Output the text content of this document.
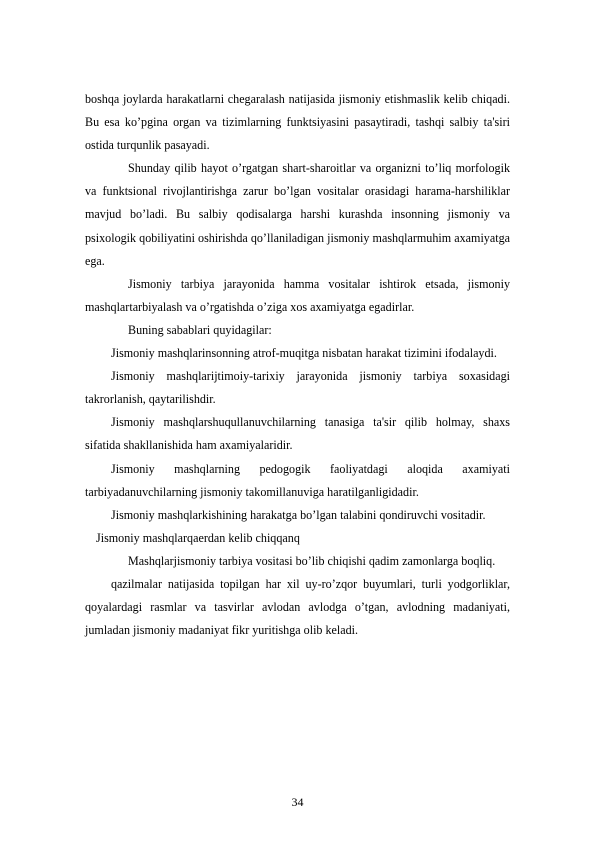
boshqa joylarda harakatlarni chegaralash natijasida jismoniy etishmaslik kelib chiqadi. Bu esa ko’pgina organ va tizimlarning funktsiyasini pasaytiradi, tashqi salbiy ta'siri ostida turqunlik pasayadi.

Shunday qilib hayot o’rgatgan shart-sharoitlar va organizni to’liq morfologik va funktsional rivojlantirishga zarur bo’lgan vositalar orasidagi harama-harshiliklar mavjud bo’ladi. Bu salbiy qodisalarga harshi kurashda insonning jismoniy va psixologik qobiliyatini oshirishda qo’llaniladigan jismoniy mashqlarmuhim axamiyatga ega.

Jismoniy tarbiya jarayonida hamma vositalar ishtirok etsada, jismoniy mashqlartarbiyalash va o’rgatishda o’ziga xos axamiyatga egadirlar.

Buning sabablari quyidagilar:

Jismoniy mashqlarinsonning atrof-muqitga nisbatan harakat tizimini ifodalaydi.

Jismoniy mashqlarijtimoiy-tarixiy jarayonida jismoniy tarbiya soxasidagi takrorlanish, qaytarilishdir.

Jismoniy mashqlarshuqullanuvchilarning tanasiga ta'sir qilib holmay, shaxs sifatida shakllanishida ham axamiyalaridir.

Jismoniy mashqlarning pedogogik faoliyatdagi aloqida axamiyati tarbiyadanuvchilarning jismoniy takomillanuviga haratilganligidadir.

Jismoniy mashqlarkishining harakatga bo’lgan talabini qondiruvchi vositadir.

Jismoniy mashqlarqaerdan kelib chiqqanq

Mashqlarjismoniy tarbiya vositasi bo’lib chiqishi qadim zamonlarga boqliq.

qazilmalar natijasida topilgan har xil uy-ro’zqor buyumlari, turli yodgorliklar, qoyalardagi rasmlar va tasvirlar avlodan avlodga o’tgan, avlodning madaniyati, jumladan jismoniy madaniyat fikr yuritishga olib keladi.

34
